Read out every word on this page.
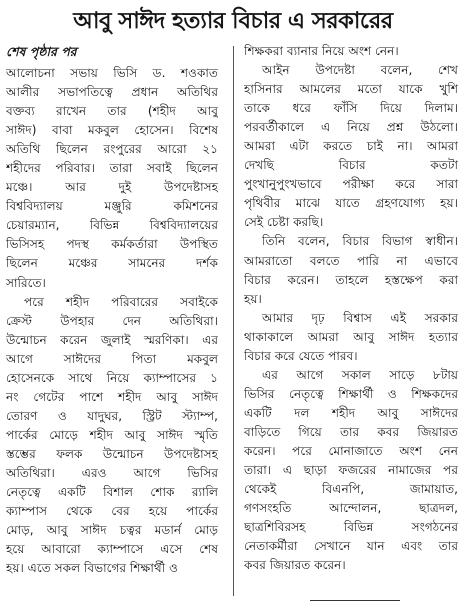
আবু সাঈদ হত্যার বিচার এ সরকারের
শেষ পৃষ্ঠার পর
আলোচনা সভায় ভিসি ড. শওকাত
আলীর সভাপতিত্বে প্রধান অতিথির
বক্তব্য রাখেন তার (শহীদ আবু
সাঈদ) বাবা মকবুল হোসেন। বিশেষ
অতিথি ছিলেন রংপুরের আরো ২১
শহীদের পরিবার। তারা সবাই ছিলেন
মঞ্চে। আর দুই উপদেষ্টাসহ
বিশ্ববিদ্যালয় মঞ্জুরি কমিশনের
চেয়ারম্যান, বিভিন্ন বিশ্ববিদ্যালয়ের
ভিসিসহ পদস্থ কর্মকর্তারা উপস্থিত
ছিলেন মঞ্চের সামনের দর্শক
সারিতে।
পরে শহীদ পরিবারের সবাইকে
ক্রেস্ট উপহার দেন অতিথিরা।
উন্মোচন করেন জুলাই স্মরণিকা। এর
আগে সাঈদের পিতা মকবুল
হোসেনকে সাথে নিয়ে ক্যাম্পাসের ১
নং গেটের পাশে শহীদ আবু সাঈদ
তোরণ ও যাদুঘর, স্ট্রিট স্ট্যাম্প,
পার্কের মোড়ে শহীদ আবু সাঈদ স্মৃতি
স্তম্ভের ফলক উন্মোচন উপদেষ্টাসহ
অতিথিরা। এরও আগে ভিসির
নেতৃত্বে একটি বিশাল শোক র‌্যালি
ক্যাম্পাস থেকে বের হয়ে পার্কের
মোড়, আবু সাঈদ চত্বর মডার্ন মোড়
হয়ে আবারো ক্যাম্পাসে এসে শেষ
হয়। এতে সকল বিভাগের শিক্ষার্থী ও
শিক্ষকরা ব্যানার নিয়ে অংশ নেন।
আইন উপদেষ্টা বলেন, শেখ
হাসিনার আমলের মতো যাকে খুশি
তাকে ধরে ফাঁসি দিয়ে দিলাম।
পরবর্তীকালে এ নিয়ে প্রশ্ন উঠলো।
আমরা এটা করতে চাই না। আমরা
দেখছি বিচার কতটা
পুংখানুপুংখভাবে পরীক্ষা করে সারা
পৃথিবীর মাঝে যাতে গ্রহণযোগ্য হয়।
সেই চেষ্টা করছি।
তিনি বলেন, বিচার বিভাগ স্বাধীন।
আমরাতো বলতে পারি না এভাবে
বিচার করেন। তাহলে হস্তক্ষেপ করা
হয়।
আমার দৃঢ় বিশ্বাস এই সরকার
থাকাকালে আমরা আবু সাঈদ হত্যার
বিচার করে যেতে পারব।
এর আগে সকাল সাড়ে ৮টায়
ভিসির নেতৃত্বে শিক্ষার্থী ও শিক্ষকদের
একটি দল শহীদ আবু সাঈদের
বাড়িতে গিয়ে তার কবর জিয়ারত
করেন। পরে মোনাজাতে অংশ নেন
তারা। এ ছাড়া ফজরের নামাজের পর
থেকেই বিএনপি, জামায়াত,
গণসংহতি আন্দোলন, ছাত্রদল,
ছাত্রশিবিরসহ বিভিন্ন সংগঠনের
নেতাকর্মীরা সেখানে যান এবং তার
কবর জিয়ারত করেন।
